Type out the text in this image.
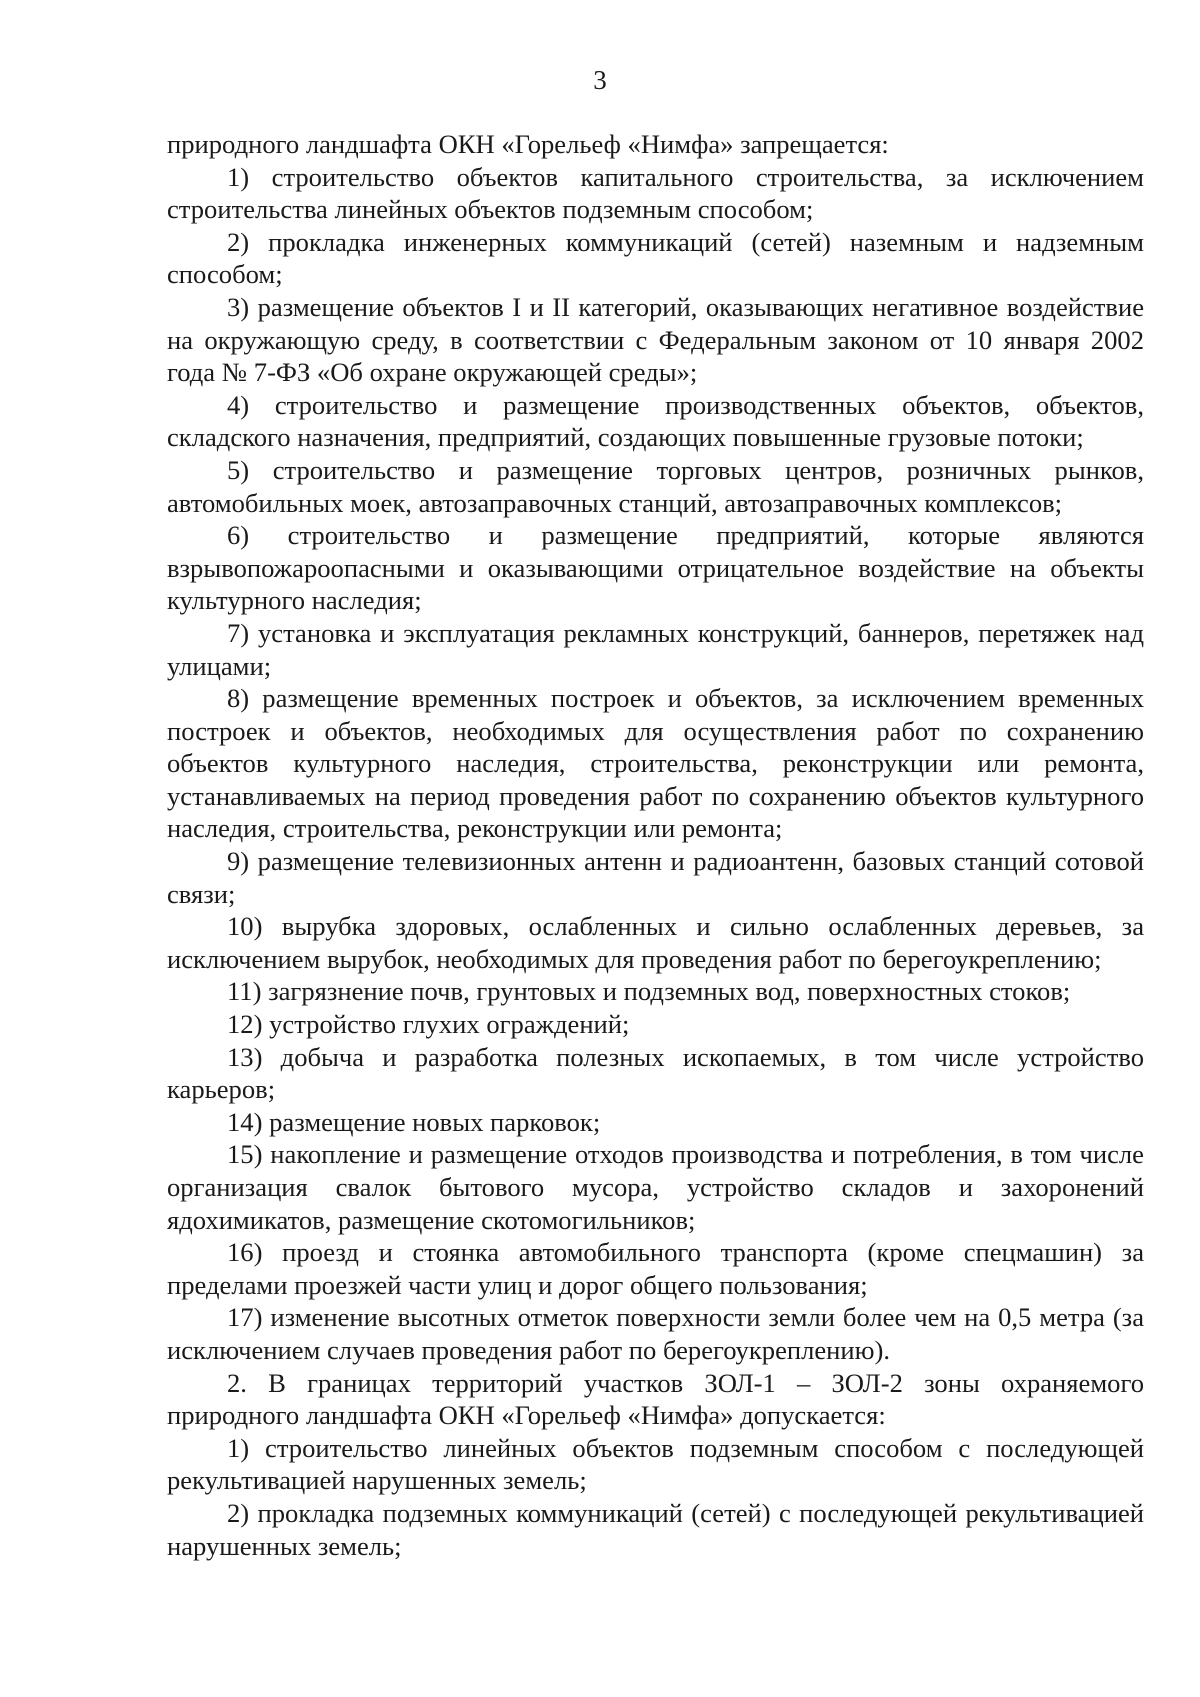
3

природного ландшафта ОКН «Горельеф «Нимфа» запрещается:

1) строительство объектов капитального строительства, за исключением строительства линейных объектов подземным способом;

2) прокладка инженерных коммуникаций (сетей) наземным и надземным способом;

3) размещение объектов I и II категорий, оказывающих негативное воздействие на окружающую среду, в соответствии с Федеральным законом от 10 января 2002 года № 7-ФЗ «Об охране окружающей среды»;

4) строительство и размещение производственных объектов, объектов, складского назначения, предприятий, создающих повышенные грузовые потоки;

5) строительство и размещение торговых центров, розничных рынков, автомобильных моек, автозаправочных станций, автозаправочных комплексов;

6) строительство и размещение предприятий, которые являются взрывопожароопасными и оказывающими отрицательное воздействие на объекты культурного наследия;

7) установка и эксплуатация рекламных конструкций, баннеров, перетяжек над улицами;

8) размещение временных построек и объектов, за исключением временных построек и объектов, необходимых для осуществления работ по сохранению объектов культурного наследия, строительства, реконструкции или ремонта, устанавливаемых на период проведения работ по сохранению объектов культурного наследия, строительства, реконструкции или ремонта;

9) размещение телевизионных антенн и радиоантенн, базовых станций сотовой связи;

10) вырубка здоровых, ослабленных и сильно ослабленных деревьев, за исключением вырубок, необходимых для проведения работ по берегоукреплению;

11) загрязнение почв, грунтовых и подземных вод, поверхностных стоков;

12) устройство глухих ограждений;

13) добыча и разработка полезных ископаемых, в том числе устройство карьеров;

14) размещение новых парковок;

15) накопление и размещение отходов производства и потребления, в том числе организация свалок бытового мусора, устройство складов и захоронений ядохимикатов, размещение скотомогильников;

16) проезд и стоянка автомобильного транспорта (кроме спецмашин) за пределами проезжей части улиц и дорог общего пользования;

17) изменение высотных отметок поверхности земли более чем на 0,5 метра (за исключением случаев проведения работ по берегоукреплению).

2. В границах территорий участков ЗОЛ-1 – ЗОЛ-2 зоны охраняемого природного ландшафта ОКН «Горельеф «Нимфа» допускается:

1) строительство линейных объектов подземным способом с последующей рекультивацией нарушенных земель;

2) прокладка подземных коммуникаций (сетей) с последующей рекультивацией нарушенных земель;
